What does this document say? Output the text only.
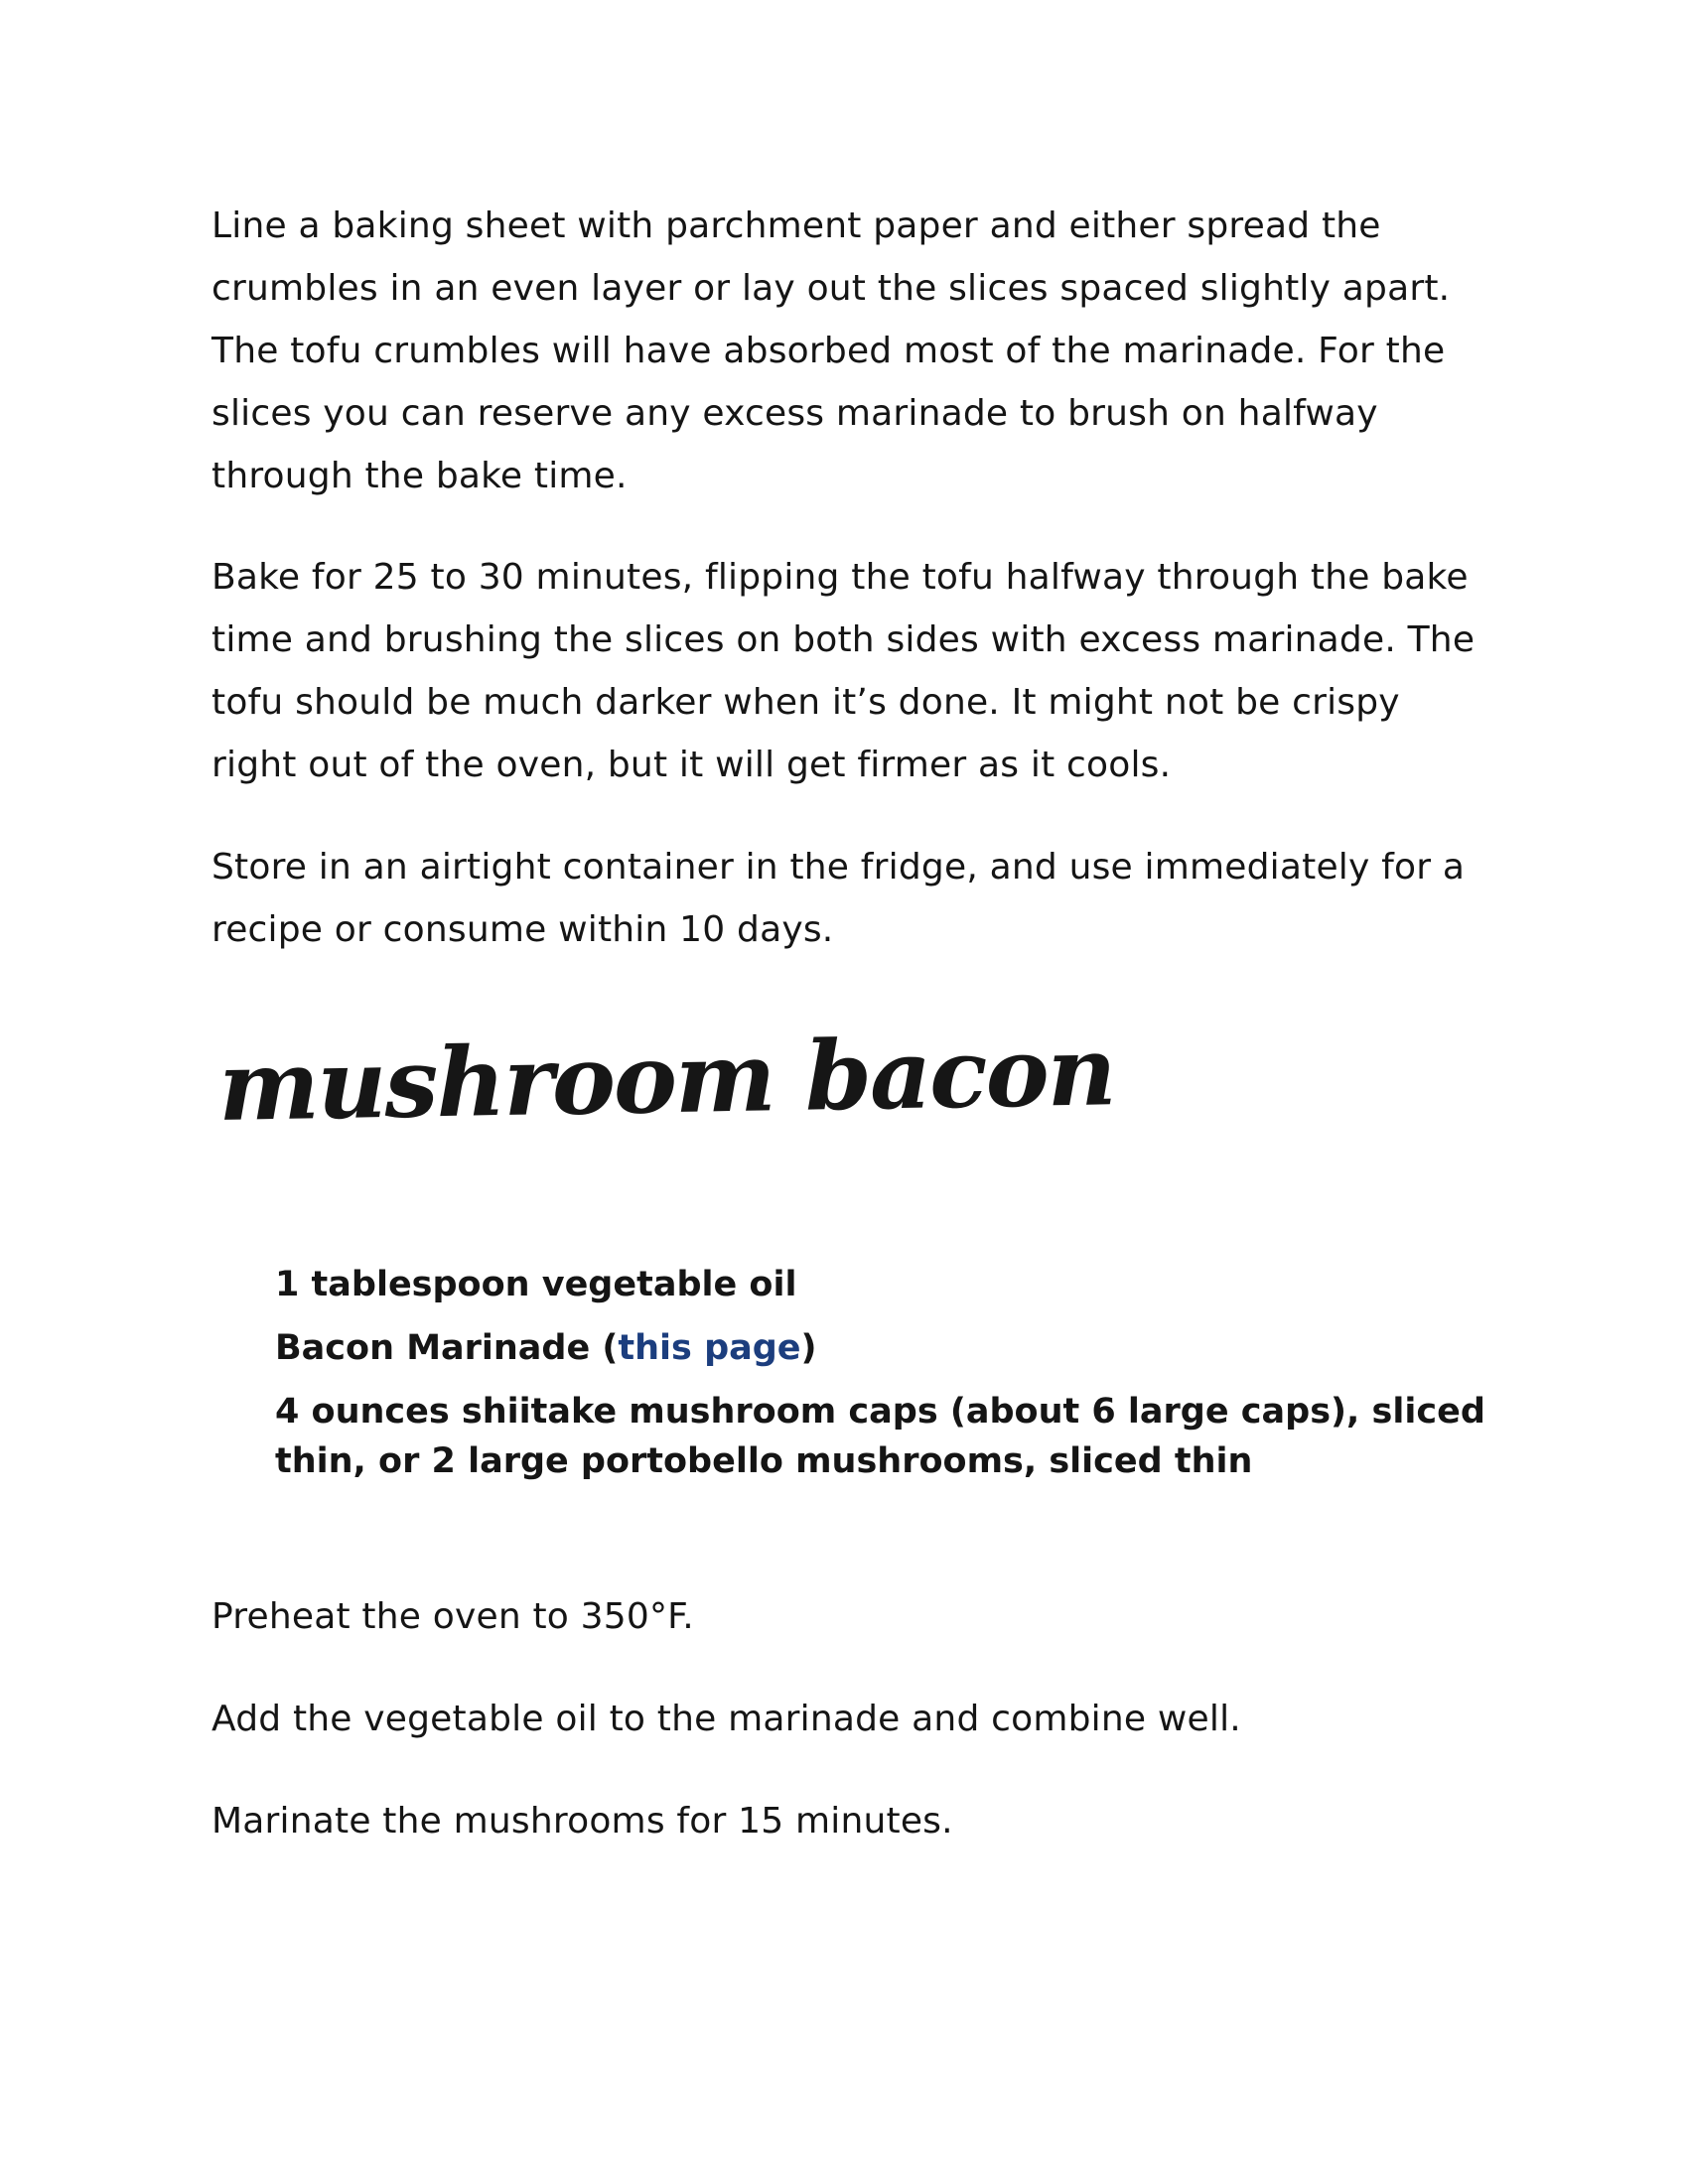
Line a baking sheet with parchment paper and either spread the crumbles in an even layer or lay out the slices spaced slightly apart. The tofu crumbles will have absorbed most of the marinade. For the slices you can reserve any excess marinade to brush on halfway through the bake time.

Bake for 25 to 30 minutes, flipping the tofu halfway through the bake time and brushing the slices on both sides with excess marinade. The tofu should be much darker when it’s done. It might not be crispy right out of the oven, but it will get firmer as it cools.

Store in an airtight container in the fridge, and use immediately for a recipe or consume within 10 days.

mushroom bacon
1 tablespoon vegetable oil
Bacon Marinade (this page)
4 ounces shiitake mushroom caps (about 6 large caps), sliced thin, or 2 large portobello mushrooms, sliced thin

Preheat the oven to 350°F.

Add the vegetable oil to the marinade and combine well.

Marinate the mushrooms for 15 minutes.
